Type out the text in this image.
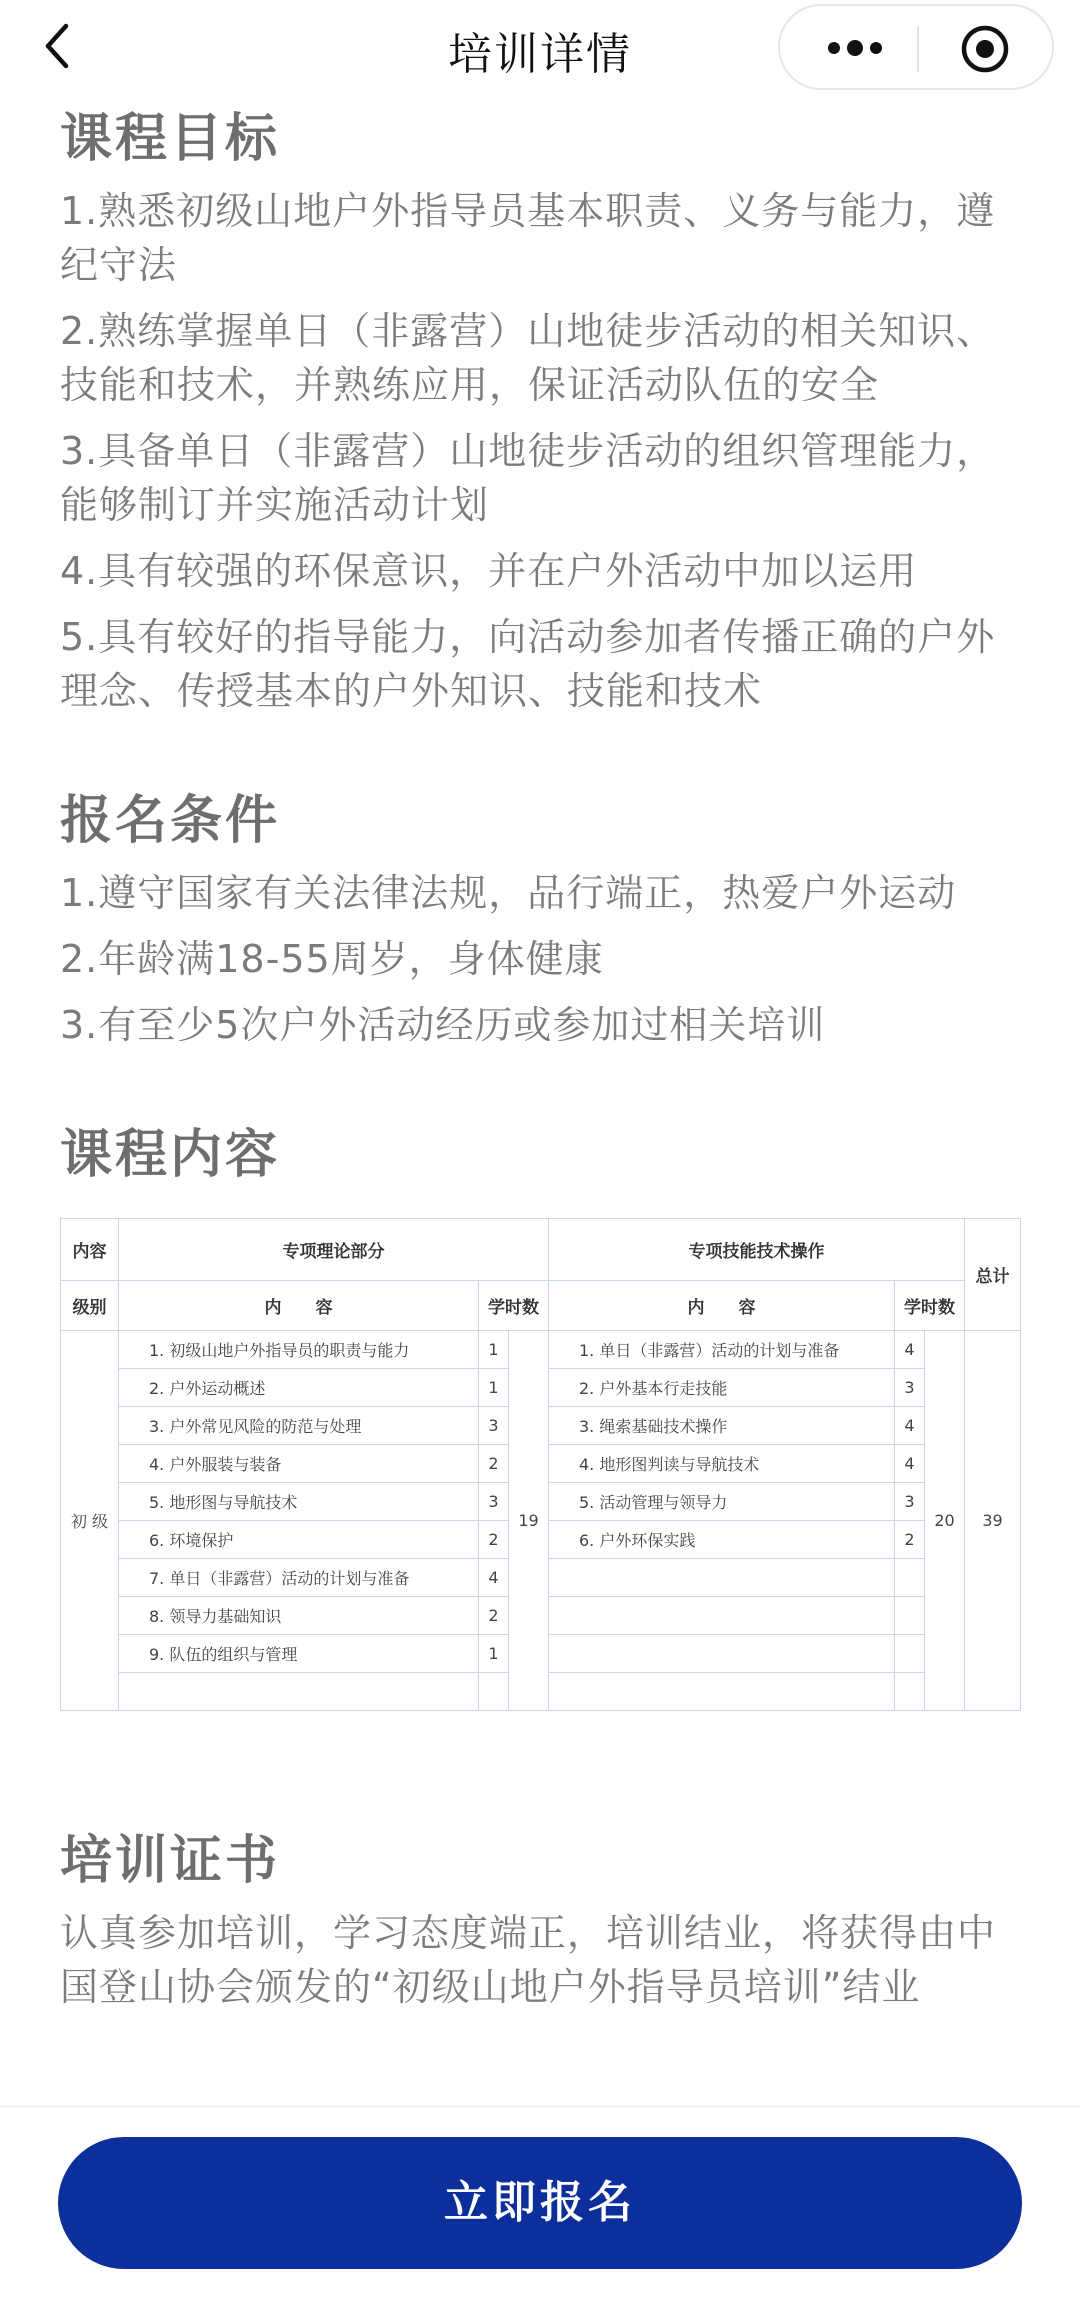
培训详情
课程目标

1.熟悉初级山地户外指导员基本职责、义务与能力，遵纪守法

2.熟练掌握单日（非露营）山地徒步活动的相关知识、技能和技术，并熟练应用，保证活动队伍的安全

3.具备单日（非露营）山地徒步活动的组织管理能力，能够制订并实施活动计划

4.具有较强的环保意识，并在户外活动中加以运用

5.具有较好的指导能力，向活动参加者传播正确的户外理念、传授基本的户外知识、技能和技术

报名条件

1.遵守国家有关法律法规，品行端正，热爱户外运动

2.年龄满18-55周岁，身体健康

3.有至少5次户外活动经历或参加过相关培训

课程内容
内容	专项理论部分			专项技能技术操作			总计
级别	内　　容	学时数		内　　容	学时数		
初 级	1. 初级山地户外指导员的职责与能力	1	19	1. 单日（非露营）活动的计划与准备	4	20	39
	2. 户外运动概述	1		2. 户外基本行走技能	3		
	3. 户外常见风险的防范与处理	3		3. 绳索基础技术操作	4		
	4. 户外服装与装备	2		4. 地形图判读与导航技术	4		
	5. 地形图与导航技术	3		5. 活动管理与领导力	3		
	6. 环境保护	2		6. 户外环保实践	2		
	7. 单日（非露营）活动的计划与准备	4					
	8. 领导力基础知识	2					
	9. 队伍的组织与管理	1					

培训证书

认真参加培训，学习态度端正，培训结业，将获得由中国登山协会颁发的“初级山地户外指导员培训”结业

立即报名
